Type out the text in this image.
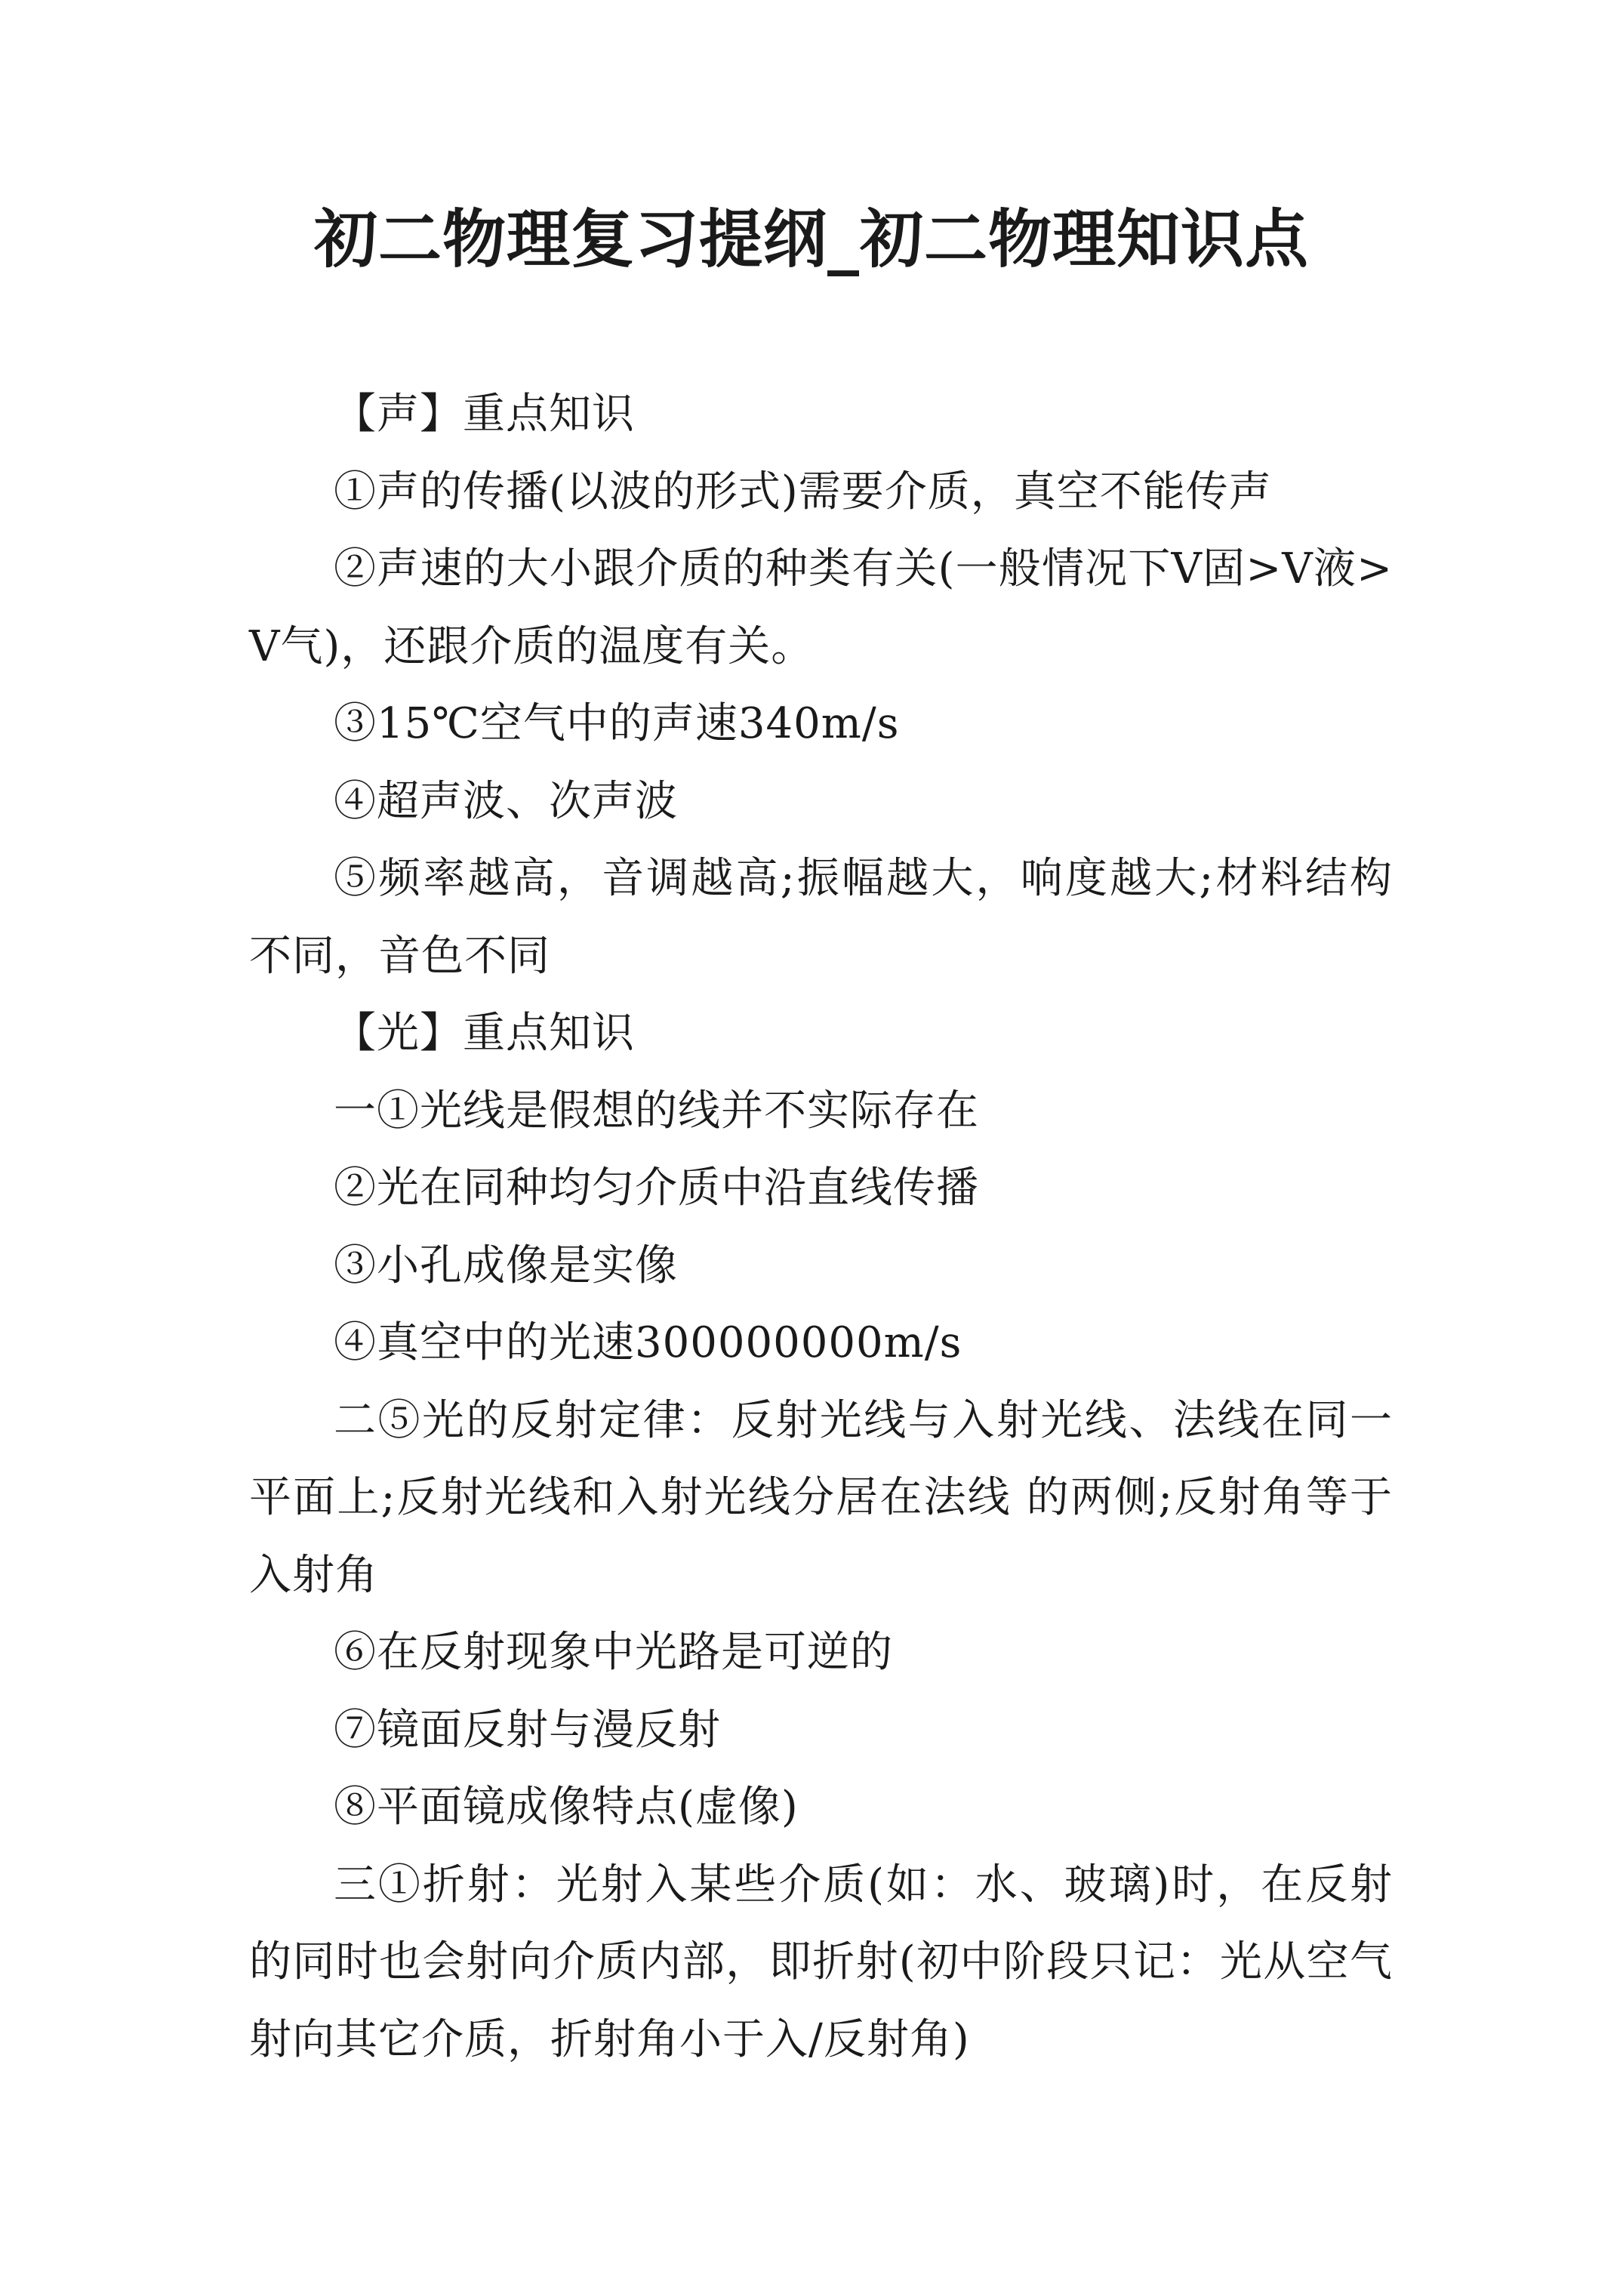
初二物理复习提纲_初二物理知识点

【声】重点知识

①声的传播(以波的形式)需要介质，真空不能传声

②声速的大小跟介质的种类有关(一般情况下V固>V液>V气)，还跟介质的温度有关。

③15℃空气中的声速340m/s

④超声波、次声波

⑤频率越高，音调越高;振幅越大，响度越大;材料结构不同，音色不同

【光】重点知识

一①光线是假想的线并不实际存在

②光在同种均匀介质中沿直线传播

③小孔成像是实像

④真空中的光速300000000m/s

二⑤光的反射定律：反射光线与入射光线、法线在同一平面上;反射光线和入射光线分居在法线 的两侧;反射角等于入射角

⑥在反射现象中光路是可逆的

⑦镜面反射与漫反射

⑧平面镜成像特点(虚像)

三①折射：光射入某些介质(如：水、玻璃)时，在反射的同时也会射向介质内部，即折射(初中阶段只记：光从空气射向其它介质，折射角小于入/反射角)
